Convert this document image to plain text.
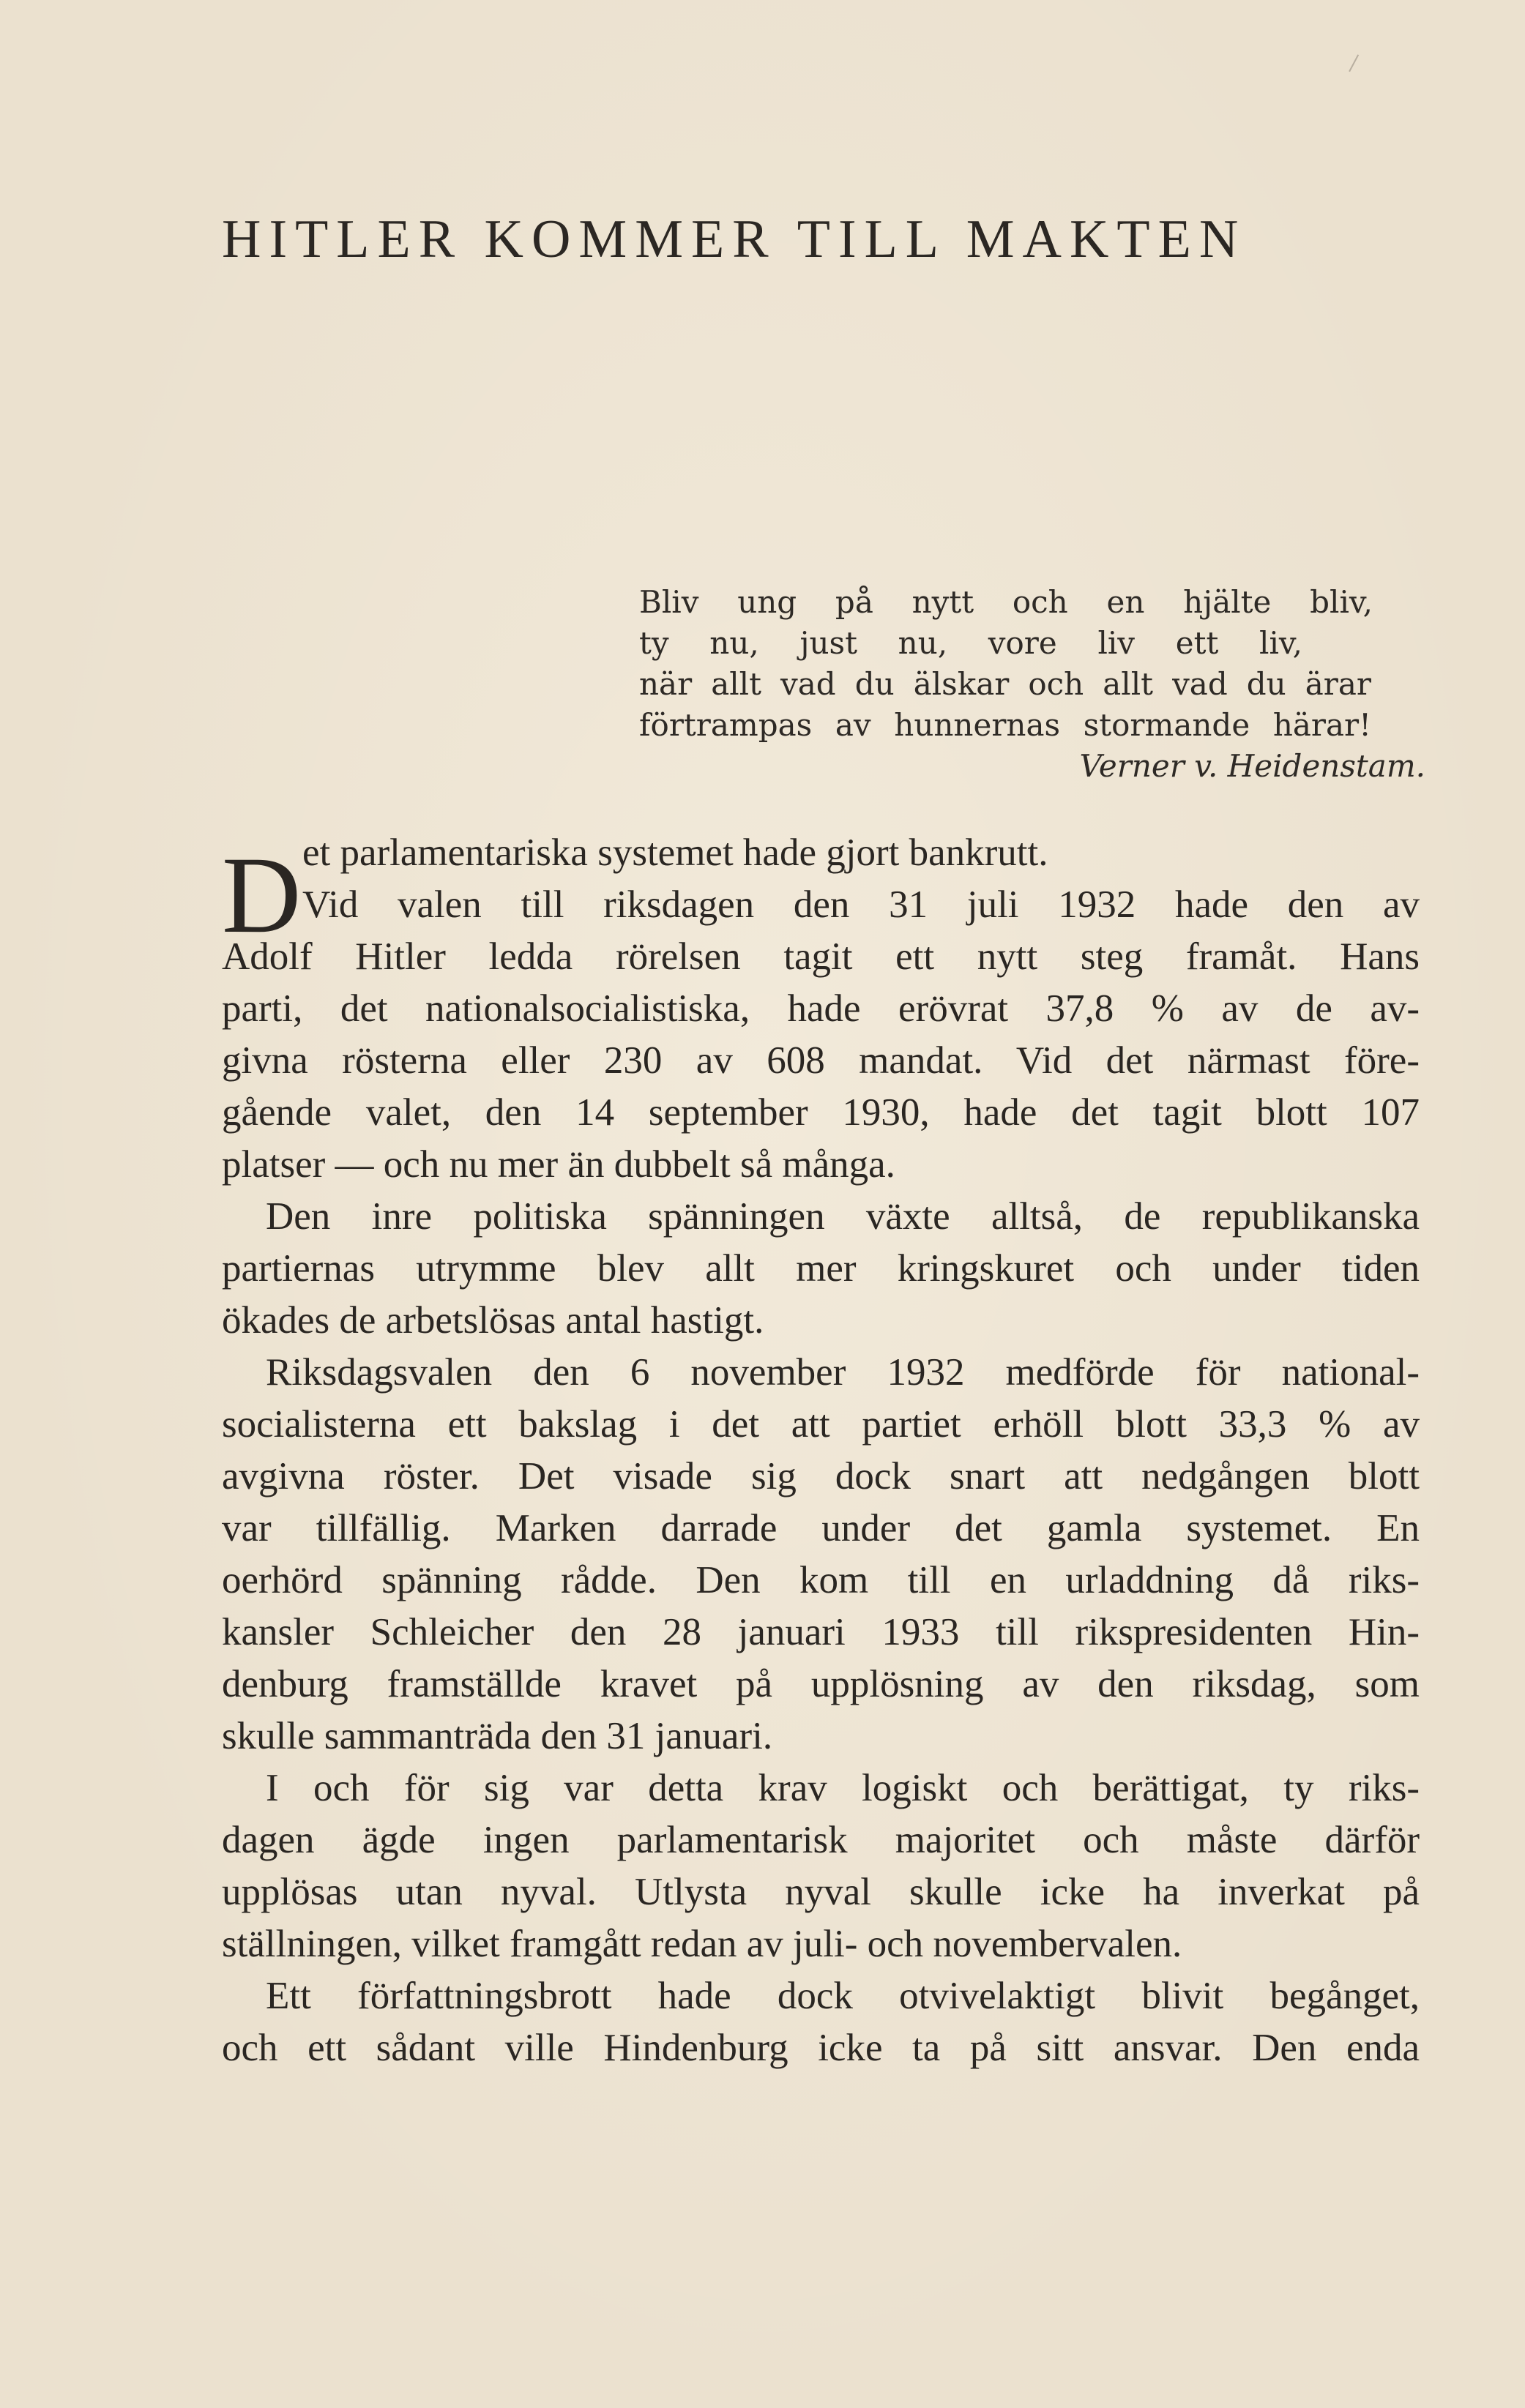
HITLER KOMMER TILL MAKTEN
Bliv ung på nytt och en hjälte bliv,
ty nu, just nu, vore liv ett liv,
när allt vad du älskar och allt vad du ärar
förtrampas av hunnernas stormande härar!
Verner v. Heidenstam.
D et parlamentariska systemet hade gjort bankrutt.
Vid valen till riksdagen den 31 juli 1932 hade den av
Adolf Hitler ledda rörelsen tagit ett nytt steg framåt. Hans
parti, det nationalsocialistiska, hade erövrat 37,8 % av de av-
givna rösterna eller 230 av 608 mandat. Vid det närmast före-
gående valet, den 14 september 1930, hade det tagit blott 107
platser — och nu mer än dubbelt så många.
Den inre politiska spänningen växte alltså, de republikanska
partiernas utrymme blev allt mer kringskuret och under tiden
ökades de arbetslösas antal hastigt.
Riksdagsvalen den 6 november 1932 medförde för national-
socialisterna ett bakslag i det att partiet erhöll blott 33,3 % av
avgivna röster. Det visade sig dock snart att nedgången blott
var tillfällig. Marken darrade under det gamla systemet. En
oerhörd spänning rådde. Den kom till en urladdning då riks-
kansler Schleicher den 28 januari 1933 till rikspresidenten Hin-
denburg framställde kravet på upplösning av den riksdag, som
skulle sammanträda den 31 januari.
I och för sig var detta krav logiskt och berättigat, ty riks-
dagen ägde ingen parlamentarisk majoritet och måste därför
upplösas utan nyval. Utlysta nyval skulle icke ha inverkat på
ställningen, vilket framgått redan av juli- och novembervalen.
Ett författningsbrott hade dock otvivelaktigt blivit begånget,
och ett sådant ville Hindenburg icke ta på sitt ansvar. Den enda
